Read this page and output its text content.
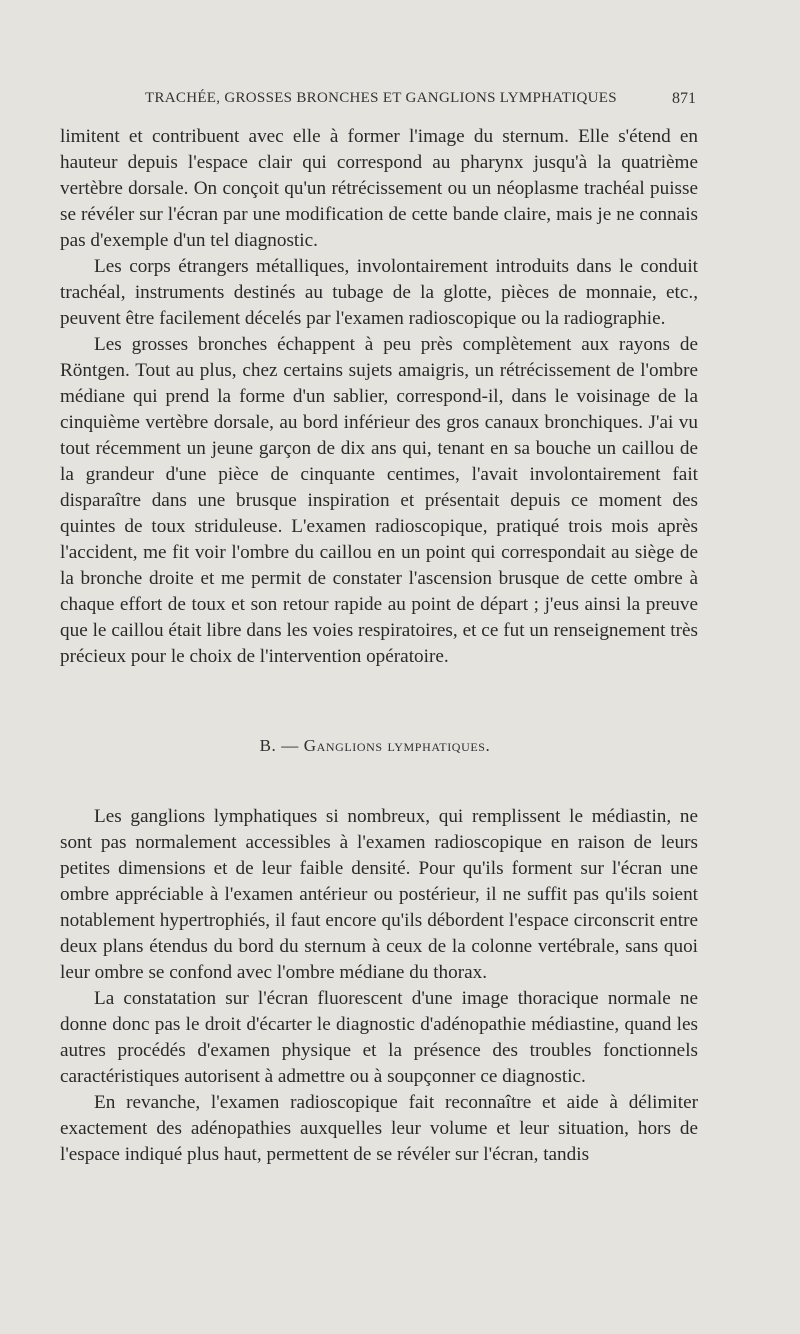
TRACHÉE, GROSSES BRONCHES ET GANGLIONS LYMPHATIQUES	871

limitent et contribuent avec elle à former l'image du sternum. Elle s'étend en hauteur depuis l'espace clair qui correspond au pharynx jusqu'à la quatrième vertèbre dorsale. On conçoit qu'un rétrécissement ou un néoplasme trachéal puisse se révéler sur l'écran par une modification de cette bande claire, mais je ne connais pas d'exemple d'un tel diagnostic.

Les corps étrangers métalliques, involontairement introduits dans le conduit trachéal, instruments destinés au tubage de la glotte, pièces de monnaie, etc., peuvent être facilement décelés par l'examen radioscopique ou la radiographie.

Les grosses bronches échappent à peu près complètement aux rayons de Röntgen. Tout au plus, chez certains sujets amaigris, un rétrécissement de l'ombre médiane qui prend la forme d'un sablier, correspond-il, dans le voisinage de la cinquième vertèbre dorsale, au bord inférieur des gros canaux bronchiques. J'ai vu tout récemment un jeune garçon de dix ans qui, tenant en sa bouche un caillou de la grandeur d'une pièce de cinquante centimes, l'avait involontairement fait disparaître dans une brusque inspiration et présentait depuis ce moment des quintes de toux striduleuse. L'examen radioscopique, pratiqué trois mois après l'accident, me fit voir l'ombre du caillou en un point qui correspondait au siège de la bronche droite et me permit de constater l'ascension brusque de cette ombre à chaque effort de toux et son retour rapide au point de départ ; j'eus ainsi la preuve que le caillou était libre dans les voies respiratoires, et ce fut un renseignement très précieux pour le choix de l'intervention opératoire.

B. — Ganglions lymphatiques.

Les ganglions lymphatiques si nombreux, qui remplissent le médiastin, ne sont pas normalement accessibles à l'examen radioscopique en raison de leurs petites dimensions et de leur faible densité. Pour qu'ils forment sur l'écran une ombre appréciable à l'examen antérieur ou postérieur, il ne suffit pas qu'ils soient notablement hypertrophiés, il faut encore qu'ils débordent l'espace circonscrit entre deux plans étendus du bord du sternum à ceux de la colonne vertébrale, sans quoi leur ombre se confond avec l'ombre médiane du thorax.

La constatation sur l'écran fluorescent d'une image thoracique normale ne donne donc pas le droit d'écarter le diagnostic d'adénopathie médiastine, quand les autres procédés d'examen physique et la présence des troubles fonctionnels caractéristiques autorisent à admettre ou à soupçonner ce diagnostic.

En revanche, l'examen radioscopique fait reconnaître et aide à délimiter exactement des adénopathies auxquelles leur volume et leur situation, hors de l'espace indiqué plus haut, permettent de se révéler sur l'écran, tandis
